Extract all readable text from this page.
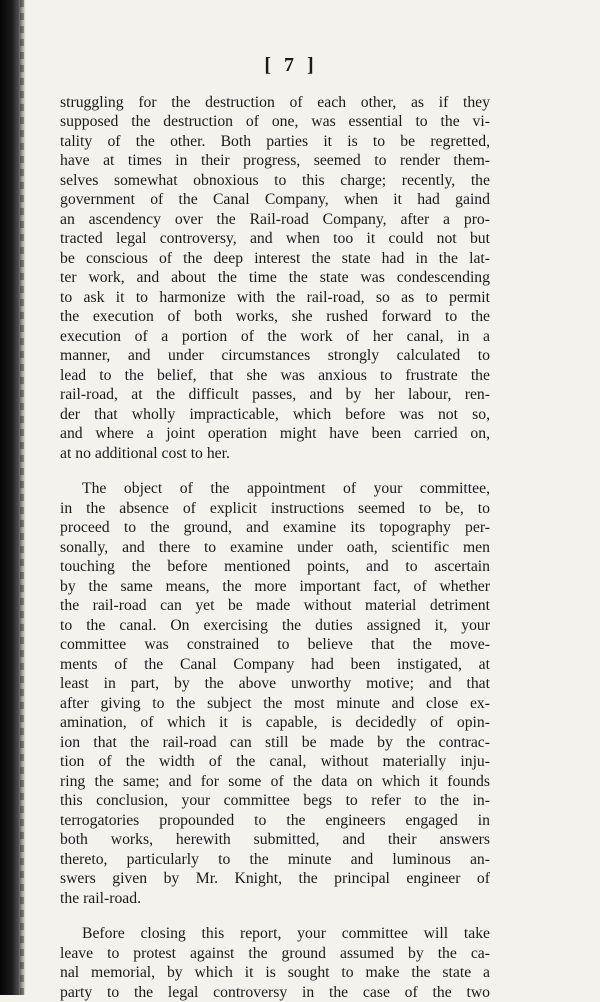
[ 7 ]
struggling for the destruction of each other, as if they
supposed the destruction of one, was essential to the vi-
tality of the other. Both parties it is to be regretted,
have at times in their progress, seemed to render them-
selves somewhat obnoxious to this charge; recently, the
government of the Canal Company, when it had gaind
an ascendency over the Rail-road Company, after a pro-
tracted legal controversy, and when too it could not but
be conscious of the deep interest the state had in the lat-
ter work, and about the time the state was condescending
to ask it to harmonize with the rail-road, so as to permit
the execution of both works, she rushed forward to the
execution of a portion of the work of her canal, in a
manner, and under circumstances strongly calculated to
lead to the belief, that she was anxious to frustrate the
rail-road, at the difficult passes, and by her labour, ren-
der that wholly impracticable, which before was not so,
and where a joint operation might have been carried on,
at no additional cost to her.
The object of the appointment of your committee,
in the absence of explicit instructions seemed to be, to
proceed to the ground, and examine its topography per-
sonally, and there to examine under oath, scientific men
touching the before mentioned points, and to ascertain
by the same means, the more important fact, of whether
the rail-road can yet be made without material detriment
to the canal. On exercising the duties assigned it, your
committee was constrained to believe that the move-
ments of the Canal Company had been instigated, at
least in part, by the above unworthy motive; and that
after giving to the subject the most minute and close ex-
amination, of which it is capable, is decidedly of opin-
ion that the rail-road can still be made by the contrac-
tion of the width of the canal, without materially inju-
ring the same; and for some of the data on which it founds
this conclusion, your committee begs to refer to the in-
terrogatories propounded to the engineers engaged in
both works, herewith submitted, and their answers
thereto, particularly to the minute and luminous an-
swers given by Mr. Knight, the principal engineer of
the rail-road.
Before closing this report, your committee will take
leave to protest against the ground assumed by the ca-
nal memorial, by which it is sought to make the state a
party to the legal controversy in the case of the two
